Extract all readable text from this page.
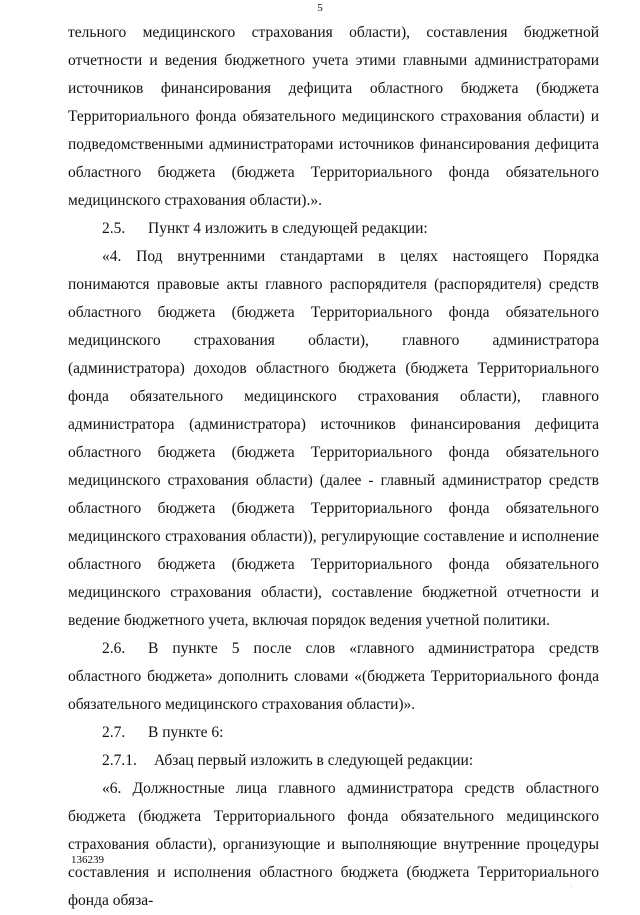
5

тельного медицинского страхования области), составления бюджетной отчетности и ведения бюджетного учета этими главными администраторами источников финансирования дефицита областного бюджета (бюджета Территориального фонда обязательного медицинского страхования области) и подведомственными администраторами источников финансирования дефицита областного бюджета (бюджета Территориального фонда обязательного медицинского страхования области).».

2.5. Пункт 4 изложить в следующей редакции:

«4. Под внутренними стандартами в целях настоящего Порядка понимаются правовые акты главного распорядителя (распорядителя) средств областного бюджета (бюджета Территориального фонда обязательного медицинского страхования области), главного администратора (администратора) доходов областного бюджета (бюджета Территориального фонда обязательного медицинского страхования области), главного администратора (администратора) источников финансирования дефицита областного бюджета (бюджета Территориального фонда обязательного медицинского страхования области) (далее - главный администратор средств областного бюджета (бюджета Территориального фонда обязательного медицинского страхования области)), регулирующие составление и исполнение областного бюджета (бюджета Территориального фонда обязательного медицинского страхования области), составление бюджетной отчетности и ведение бюджетного учета, включая порядок ведения учетной политики.

2.6. В пункте 5 после слов «главного администратора средств областного бюджета» дополнить словами «(бюджета Территориального фонда обязательного медицинского страхования области)».

2.7. В пункте 6:

2.7.1. Абзац первый изложить в следующей редакции:

«6. Должностные лица главного администратора средств областного бюджета (бюджета Территориального фонда обязательного медицинского страхования области), организующие и выполняющие внутренние процедуры составления и исполнения областного бюджета (бюджета Территориального фонда обяза-

136239
·
